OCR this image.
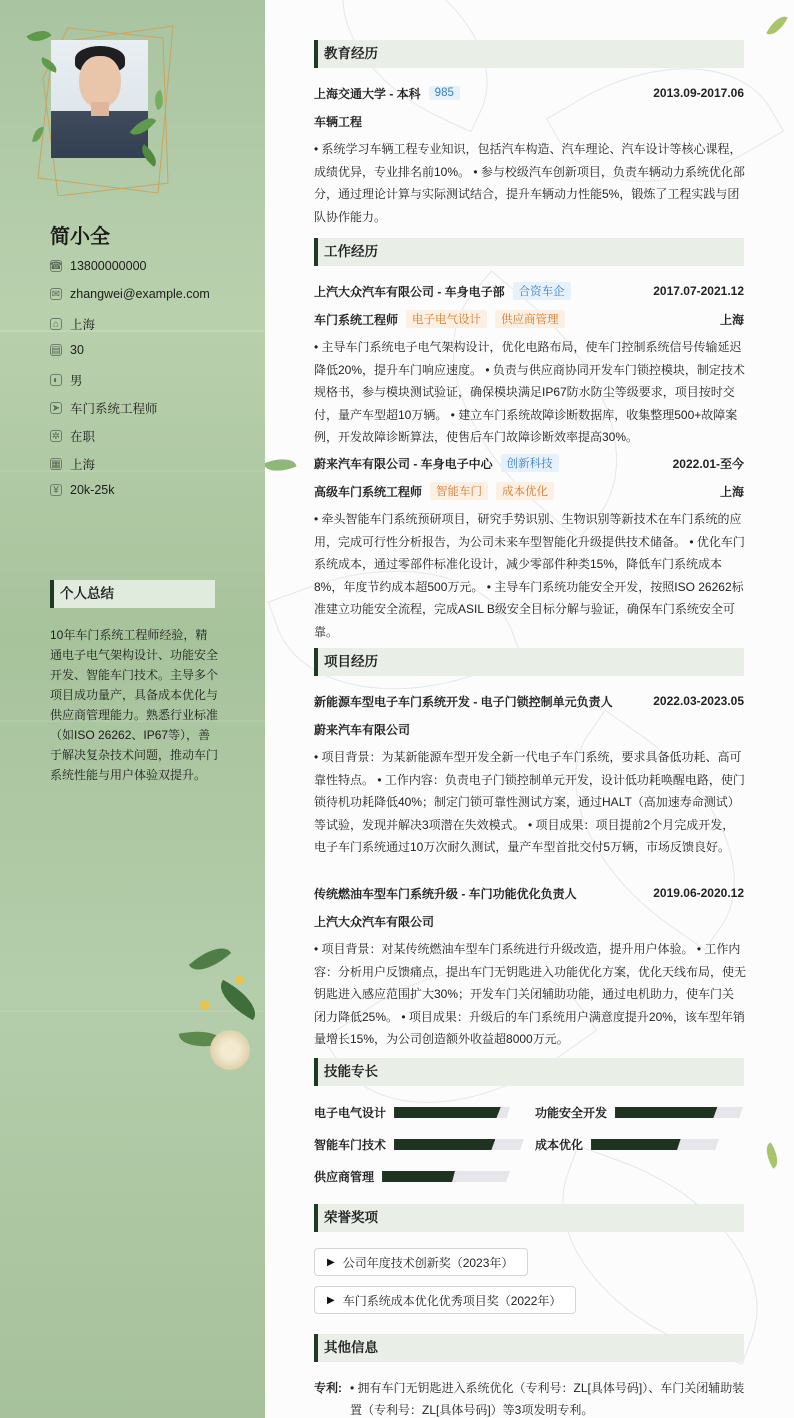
简小全
☎ 13800000000
✉ zhangwei@example.com
⌂ 上海
▤ 30
◐ 男
➤ 车门系统工程师
✲ 在职
▦ 上海
¥ 20k-25k
个人总结
10年车门系统工程师经验，精通电子电气架构设计、功能安全开发、智能车门技术。主导多个项目成功量产，具备成本优化与供应商管理能力。熟悉行业标准（如ISO 26262、IP67等），善于解决复杂技术问题，推动车门系统性能与用户体验双提升。
教育经历
上海交通大学 - 本科	985	2013.09-2017.06
车辆工程
• 系统学习车辆工程专业知识，包括汽车构造、汽车理论、汽车设计等核心课程，成绩优异，专业排名前10%。 • 参与校级汽车创新项目，负责车辆动力系统优化部分，通过理论计算与实际测试结合，提升车辆动力性能5%，锻炼了工程实践与团队协作能力。
工作经历
上汽大众汽车有限公司 - 车身电子部	合资车企	2017.07-2021.12
车门系统工程师	电子电气设计	供应商管理	上海
• 主导车门系统电子电气架构设计，优化电路布局，使车门控制系统信号传输延迟降低20%，提升车门响应速度。 • 负责与供应商协同开发车门锁控模块，制定技术规格书，参与模块测试验证，确保模块满足IP67防水防尘等级要求，项目按时交付，量产车型超10万辆。 • 建立车门系统故障诊断数据库，收集整理500+故障案例，开发故障诊断算法，使售后车门故障诊断效率提高30%。
蔚来汽车有限公司 - 车身电子中心	创新科技	2022.01-至今
高级车门系统工程师	智能车门	成本优化	上海
• 牵头智能车门系统预研项目，研究手势识别、生物识别等新技术在车门系统的应用，完成可行性分析报告，为公司未来车型智能化升级提供技术储备。 • 优化车门系统成本，通过零部件标准化设计，减少零部件种类15%，降低车门系统成本8%，年度节约成本超500万元。 • 主导车门系统功能安全开发，按照ISO 26262标准建立功能安全流程，完成ASIL B级安全目标分解与验证，确保车门系统安全可靠。
项目经历
新能源车型电子车门系统开发 - 电子门锁控制单元负责人	2022.03-2023.05
蔚来汽车有限公司
• 项目背景：为某新能源车型开发全新一代电子车门系统，要求具备低功耗、高可靠性特点。 • 工作内容：负责电子门锁控制单元开发，设计低功耗唤醒电路，使门锁待机功耗降低40%；制定门锁可靠性测试方案，通过HALT（高加速寿命测试）等试验，发现并解决3项潜在失效模式。 • 项目成果：项目提前2个月完成开发，电子车门系统通过10万次耐久测试，量产车型首批交付5万辆，市场反馈良好。
传统燃油车型车门系统升级 - 车门功能优化负责人	2019.06-2020.12
上汽大众汽车有限公司
• 项目背景：对某传统燃油车型车门系统进行升级改造，提升用户体验。 • 工作内容：分析用户反馈痛点，提出车门无钥匙进入功能优化方案，优化天线布局，使无钥匙进入感应范围扩大30%；开发车门关闭辅助功能，通过电机助力，使车门关闭力降低25%。 • 项目成果：升级后的车门系统用户满意度提升20%，该车型年销量增长15%，为公司创造额外收益超8000万元。
技能专长
电子电气设计	功能安全开发
智能车门技术	成本优化
供应商管理
荣誉奖项
▶ 公司年度技术创新奖（2023年）
▶ 车门系统成本优化优秀项目奖（2022年）
其他信息
专利: • 拥有车门无钥匙进入系统优化（专利号：ZL[具体号码]）、车门关闭辅助装置（专利号：ZL[具体号码]）等3项发明专利。
